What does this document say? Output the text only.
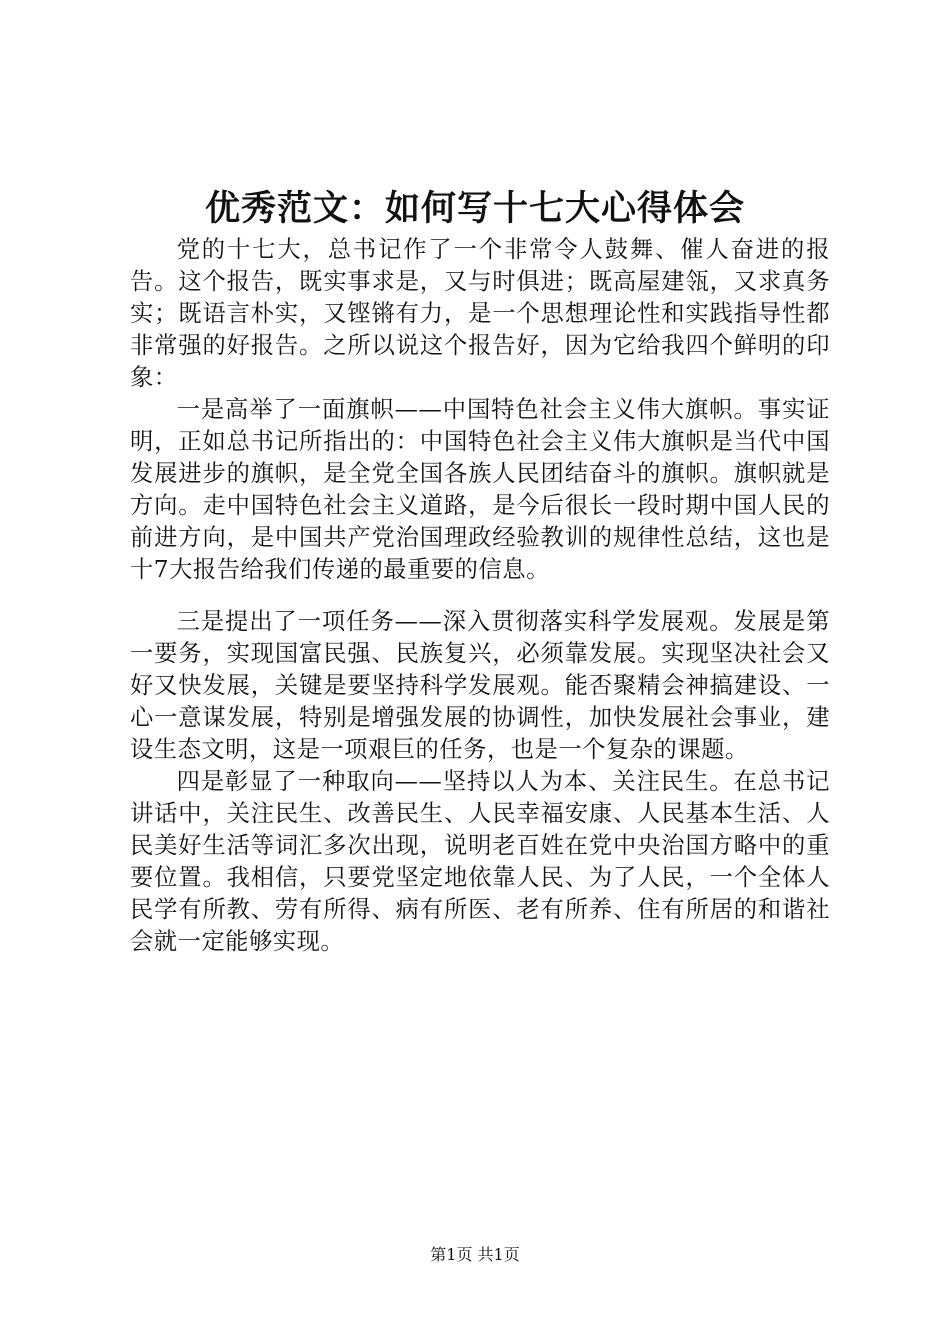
优秀范文：如何写十七大心得体会

党的十七大，总书记作了一个非常令人鼓舞、催人奋进的报告。这个报告，既实事求是，又与时俱进；既高屋建瓴，又求真务实；既语言朴实，又铿锵有力，是一个思想理论性和实践指导性都非常强的好报告。之所以说这个报告好，因为它给我四个鲜明的印象：

一是高举了一面旗帜——中国特色社会主义伟大旗帜。事实证明，正如总书记所指出的：中国特色社会主义伟大旗帜是当代中国发展进步的旗帜，是全党全国各族人民团结奋斗的旗帜。旗帜就是方向。走中国特色社会主义道路，是今后很长一段时期中国人民的前进方向，是中国共产党治国理政经验教训的规律性总结，这也是十7大报告给我们传递的最重要的信息。

三是提出了一项任务——深入贯彻落实科学发展观。发展是第一要务，实现国富民强、民族复兴，必须靠发展。实现坚决社会又好又快发展，关键是要坚持科学发展观。能否聚精会神搞建设、一心一意谋发展，特别是增强发展的协调性，加快发展社会事业，建设生态文明，这是一项艰巨的任务，也是一个复杂的课题。

四是彰显了一种取向——坚持以人为本、关注民生。在总书记讲话中，关注民生、改善民生、人民幸福安康、人民基本生活、人民美好生活等词汇多次出现，说明老百姓在党中央治国方略中的重要位置。我相信，只要党坚定地依靠人民、为了人民，一个全体人民学有所教、劳有所得、病有所医、老有所养、住有所居的和谐社会就一定能够实现。

第1页 共1页
